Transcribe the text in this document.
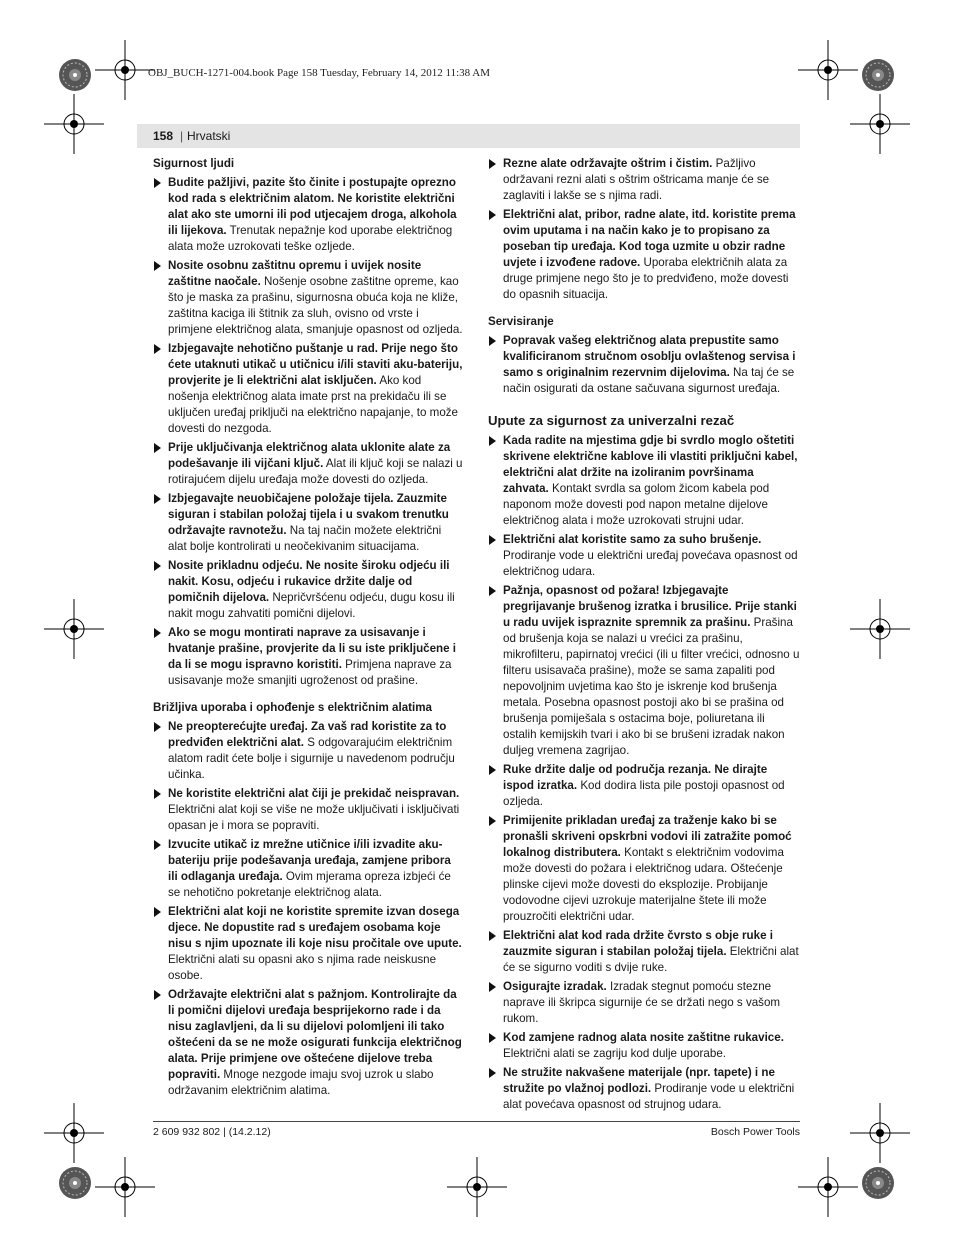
OBJ_BUCH-1271-004.book Page 158 Tuesday, February 14, 2012 11:38 AM
158 | Hrvatski
Sigurnost ljudi
Budite pažljivi, pazite što činite i postupajte oprezno kod rada s električnim alatom. Ne koristite električni alat ako ste umorni ili pod utjecajem droga, alkohola ili lijekova. Trenutak nepažnje kod uporabe električnog alata može uzrokovati teške ozljede.
Nosite osobnu zaštitnu opremu i uvijek nosite zaštitne naočale. Nošenje osobne zaštitne opreme, kao što je maska za prašinu, sigurnosna obuća koja ne kliže, zaštitna kaciga ili štitnik za sluh, ovisno od vrste i primjene električnog alata, smanjuje opasnost od ozljeda.
Izbjegavajte nehotično puštanje u rad. Prije nego što ćete utaknuti utikač u utičnicu i/ili staviti aku-bateriju, provjerite je li električni alat isključen. Ako kod nošenja električnog alata imate prst na prekidaču ili se uključen uređaj priključi na električno napajanje, to može dovesti do nezgoda.
Prije uključivanja električnog alata uklonite alate za podešavanje ili vijčani ključ. Alat ili ključ koji se nalazi u rotirajućem dijelu uređaja može dovesti do ozljeda.
Izbjegavajte neuobičajene položaje tijela. Zauzmite siguran i stabilan položaj tijela i u svakom trenutku održavajte ravnotežu. Na taj način možete električni alat bolje kontrolirati u neočekivanim situacijama.
Nosite prikladnu odjeću. Ne nosite široku odjeću ili nakit. Kosu, odjeću i rukavice držite dalje od pomičnih dijelova. Nepričvršćenu odjeću, dugu kosu ili nakit mogu zahvatiti pomični dijelovi.
Ako se mogu montirati naprave za usisavanje i hvatanje prašine, provjerite da li su iste priključene i da li se mogu ispravno koristiti. Primjena naprave za usisavanje može smanjiti ugroženost od prašine.
Brižljiva uporaba i ophođenje s električnim alatima
Ne preopterećujte uređaj. Za vaš rad koristite za to predviđen električni alat. S odgovarajućim električnim alatom radit ćete bolje i sigurnije u navedenom području učinka.
Ne koristite električni alat čiji je prekidač neispravan. Električni alat koji se više ne može uključivati i isključivati opasan je i mora se popraviti.
Izvucite utikač iz mrežne utičnice i/ili izvadite aku-bateriju prije podešavanja uređaja, zamjene pribora ili odlaganja uređaja. Ovim mjerama opreza izbjeći će se nehotično pokretanje električnog alata.
Električni alat koji ne koristite spremite izvan dosega djece. Ne dopustite rad s uređajem osobama koje nisu s njim upoznate ili koje nisu pročitale ove upute. Električni alati su opasni ako s njima rade neiskusne osobe.
Održavajte električni alat s pažnjom. Kontrolirajte da li pomični dijelovi uređaja besprijekorno rade i da nisu zaglavljeni, da li su dijelovi polomljeni ili tako oštećeni da se ne može osigurati funkcija električnog alata. Prije primjene ove oštećene dijelove treba popraviti. Mnoge nezgode imaju svoj uzrok u slabo održavanim električnim alatima.
Rezne alate održavajte oštrim i čistim. Pažljivo održavani rezni alati s oštrim oštricama manje će se zaglaviti i lakše se s njima radi.
Električni alat, pribor, radne alate, itd. koristite prema ovim uputama i na način kako je to propisano za poseban tip uređaja. Kod toga uzmite u obzir radne uvjete i izvođene radove. Uporaba električnih alata za druge primjene nego što je to predviđeno, može dovesti do opasnih situacija.
Servisiranje
Popravak vašeg električnog alata prepustite samo kvalificiranom stručnom osoblju ovlaštenog servisa i samo s originalnim rezervnim dijelovima. Na taj će se način osigurati da ostane sačuvana sigurnost uređaja.
Upute za sigurnost za univerzalni rezač
Kada radite na mjestima gdje bi svrdlo moglo oštetiti skrivene električne kablove ili vlastiti priključni kabel, električni alat držite na izoliranim površinama zahvata. Kontakt svrdla sa golom žicom kabela pod naponom može dovesti pod napon metalne dijelove električnog alata i može uzrokovati strujni udar.
Električni alat koristite samo za suho brušenje. Prodiranje vode u električni uređaj povećava opasnost od električnog udara.
Pažnja, opasnost od požara! Izbjegavajte pregrijavanje brušenog izratka i brusilice. Prije stanki u radu uvijek ispraznite spremnik za prašinu. Prašina od brušenja koja se nalazi u vrećici za prašinu, mikrofilteru, papirnatoj vrećici (ili u filter vrećici, odnosno u filteru usisavača prašine), može se sama zapaliti pod nepovoljnim uvjetima kao što je iskrenje kod brušenja metala. Posebna opasnost postoji ako bi se prašina od brušenja pomiješala s ostacima boje, poliuretana ili ostalih kemijskih tvari i ako bi se brušeni izradak nakon duljeg vremena zagrijao.
Ruke držite dalje od područja rezanja. Ne dirajte ispod izratka. Kod dodira lista pile postoji opasnost od ozljeda.
Primijenite prikladan uređaj za traženje kako bi se pronašli skriveni opskrbni vodovi ili zatražite pomoć lokalnog distributera. Kontakt s električnim vodovima može dovesti do požara i električnog udara. Oštećenje plinske cijevi može dovesti do eksplozije. Probijanje vodovodne cijevi uzrokuje materijalne štete ili može prouzročiti električni udar.
Električni alat kod rada držite čvrsto s obje ruke i zauzmite siguran i stabilan položaj tijela. Električni alat će se sigurno voditi s dvije ruke.
Osigurajte izradak. Izradak stegnut pomoću stezne naprave ili škripca sigurnije će se držati nego s vašom rukom.
Kod zamjene radnog alata nosite zaštitne rukavice. Električni alati se zagriju kod dulje uporabe.
Ne stružite nakvašene materijale (npr. tapete) i ne stružite po vlažnoj podlozi. Prodiranje vode u električni alat povećava opasnost od strujnog udara.
2 609 932 802 | (14.2.12)	Bosch Power Tools
